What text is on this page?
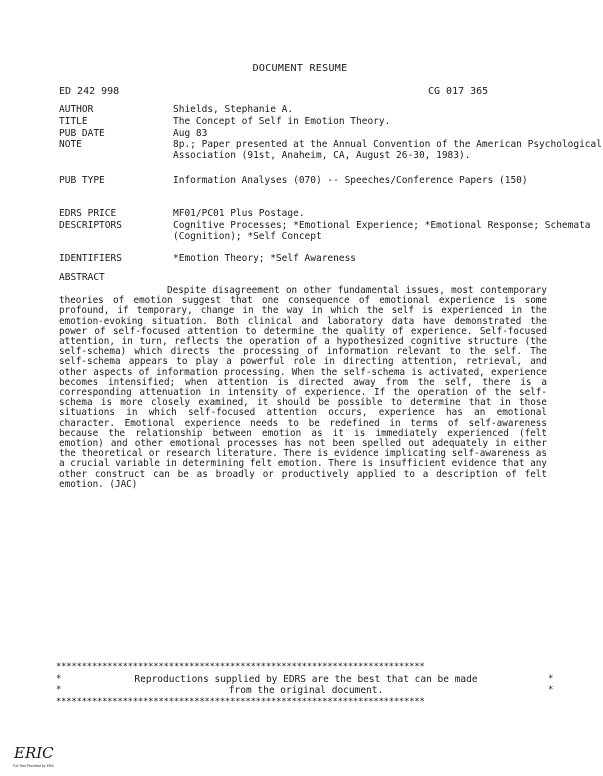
DOCUMENT RESUME
ED 242 998	CG 017 365
AUTHOR	Shields, Stephanie A.
TITLE	The Concept of Self in Emotion Theory.
PUB DATE	Aug 83
NOTE	8p.; Paper presented at the Annual Convention of the American Psychological Association (91st, Anaheim, CA, August 26-30, 1983).
PUB TYPE	Information Analyses (070) -- Speeches/Conference Papers (150)
EDRS PRICE	MF01/PC01 Plus Postage.
DESCRIPTORS	Cognitive Processes; *Emotional Experience; *Emotional Response; Schemata (Cognition); *Self Concept
IDENTIFIERS	*Emotion Theory; *Self Awareness
ABSTRACT

Despite disagreement on other fundamental issues, most contemporary theories of emotion suggest that one consequence of emotional experience is some profound, if temporary, change in the way in which the self is experienced in the emotion-evoking situation. Both clinical and laboratory data have demonstrated the power of self-focused attention to determine the quality of experience. Self-focused attention, in turn, reflects the operation of a hypothesized cognitive structure (the self-schema) which directs the processing of information relevant to the self. The self-schema appears to play a powerful role in directing attention, retrieval, and other aspects of information processing. When the self-schema is activated, experience becomes intensified; when attention is directed away from the self, there is a corresponding attenuation in intensity of experience. If the operation of the self-schema is more closely examined, it should be possible to determine that in those situations in which self-focused attention occurs, experience has an emotional character. Emotional experience needs to be redefined in terms of self-awareness because the relationship between emotion as it is immediately experienced (felt emotion) and other emotional processes has not been spelled out adequately in either the theoretical or research literature. There is evidence implicating self-awareness as a crucial variable in determining felt emotion. There is insufficient evidence that any other construct can be as broadly or productively applied to a description of felt emotion. (JAC)

************************************************************************
*	*
Reproductions supplied by EDRS are the best that can be made
from the original document.
*	*
************************************************************************
ERIC
Full Text Provided by ERIC
